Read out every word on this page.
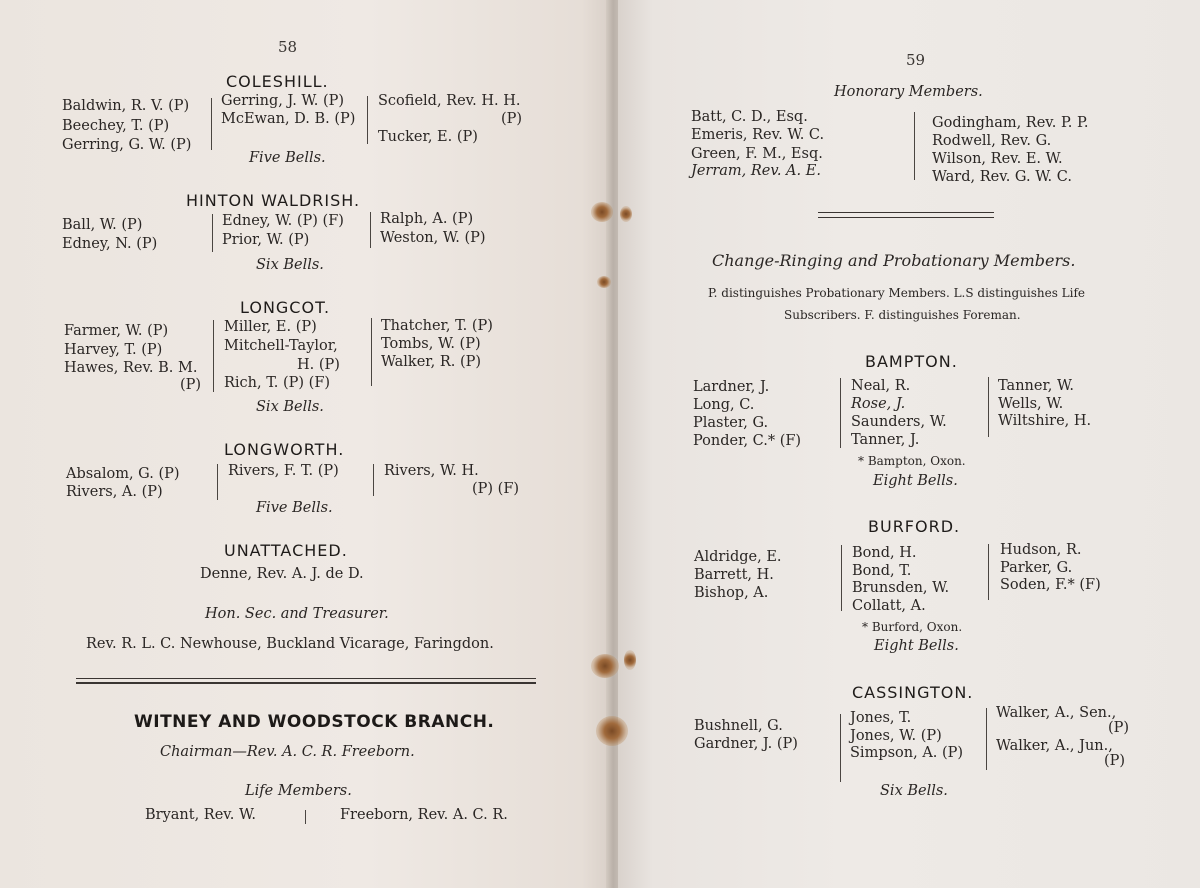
58
COLESHILL.
Baldwin, R. V. (P)
Beechey, T. (P)
Gerring, G. W. (P)
Gerring, J. W. (P)
McEwan, D. B. (P)
Scofield, Rev. H. H.
(P)
Tucker, E. (P)
Five Bells.
HINTON WALDRISH.
Ball, W. (P)
Edney, N. (P)
Edney, W. (P) (F)
Prior, W. (P)
Ralph, A. (P)
Weston, W. (P)
Six Bells.
LONGCOT.
Farmer, W. (P)
Harvey, T. (P)
Hawes, Rev. B. M.
(P)
Miller, E. (P)
Mitchell-Taylor,
H. (P)
Rich, T. (P) (F)
Thatcher, T. (P)
Tombs, W. (P)
Walker, R. (P)
Six Bells.
LONGWORTH.
Absalom, G. (P)
Rivers, A. (P)
Rivers, F. T. (P)	Rivers, W. H.
(P) (F)
Five Bells.
UNATTACHED.
Denne, Rev. A. J. de D.
Hon. Sec. and Treasurer.
Rev. R. L. C. Newhouse, Buckland Vicarage, Faringdon.
WITNEY AND WOODSTOCK BRANCH.
Chairman—Rev. A. C. R. Freeborn.
Life Members.
Bryant, Rev. W.	Freeborn, Rev. A. C. R.
59
Honorary Members.
Batt, C. D., Esq.
Emeris, Rev. W. C.
Green, F. M., Esq.
Jerram, Rev. A. E.
Godingham, Rev. P. P.
Rodwell, Rev. G.
Wilson, Rev. E. W.
Ward, Rev. G. W. C.
Change-Ringing and Probationary Members.
P. distinguishes Probationary Members. L.S distinguishes Life
Subscribers. F. distinguishes Foreman.
BAMPTON.
Lardner, J.
Long, C.
Plaster, G.
Ponder, C.* (F)
Neal, R.
Rose, J.
Saunders, W.
Tanner, J.
Tanner, W.
Wells, W.
Wiltshire, H.
* Bampton, Oxon.
Eight Bells.
BURFORD.
Aldridge, E.
Barrett, H.
Bishop, A.
Bond, H.
Bond, T.
Brunsden, W.
Collatt, A.
Hudson, R.
Parker, G.
Soden, F.* (F)
* Burford, Oxon.
Eight Bells.
CASSINGTON.
Bushnell, G.
Gardner, J. (P)
Jones, T.
Jones, W. (P)
Simpson, A. (P)
Walker, A., Sen.,
(P)
Walker, A., Jun.,
(P)
Six Bells.
